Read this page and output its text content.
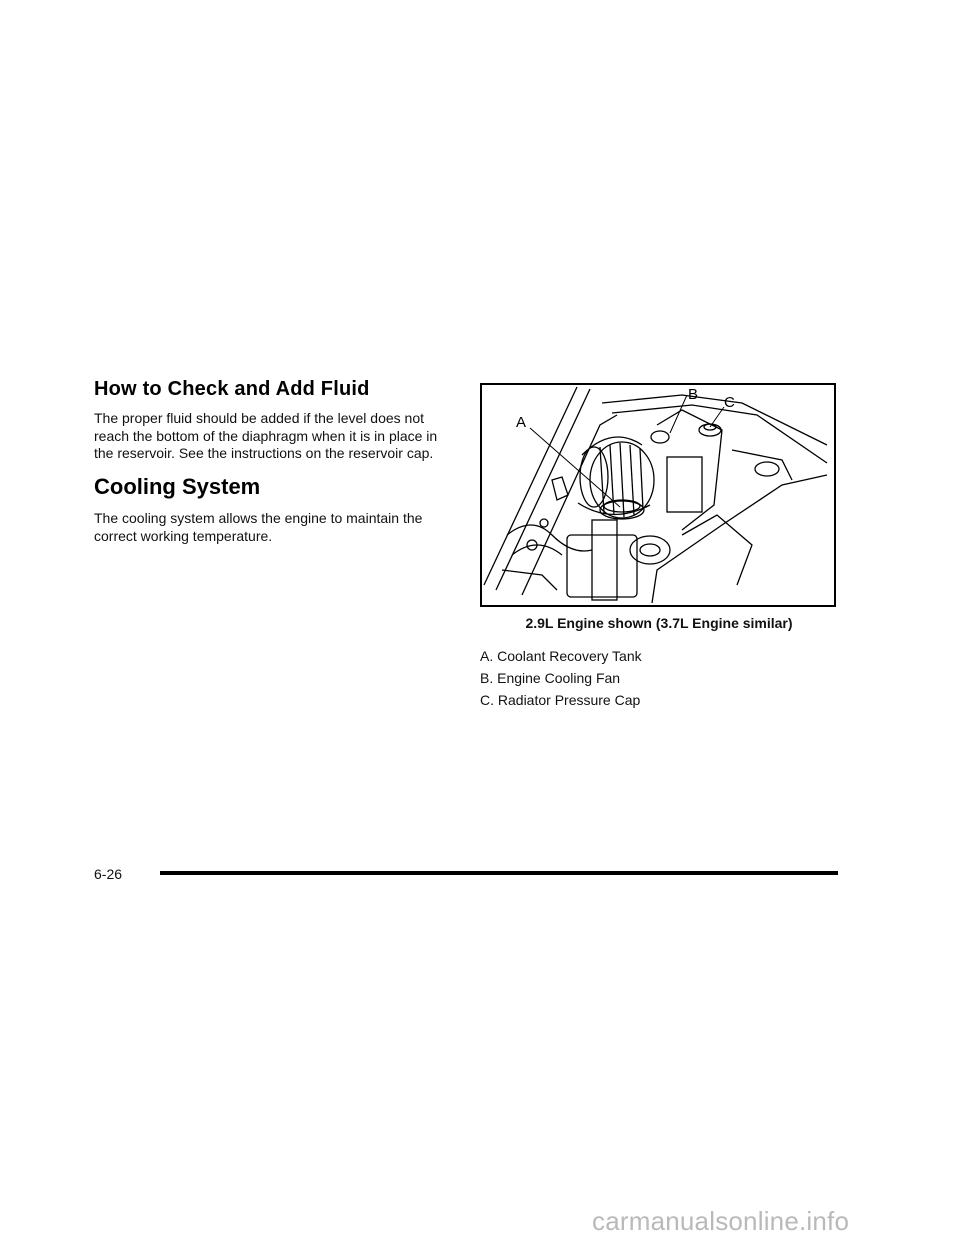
How to Check and Add Fluid

The proper fluid should be added if the level does not reach the bottom of the diaphragm when it is in place in the reservoir. See the instructions on the reservoir cap.

Cooling System

The cooling system allows the engine to maintain the correct working temperature.

A
B C

2.9L Engine shown (3.7L Engine similar)

A. Coolant Recovery Tank

B. Engine Cooling Fan

C. Radiator Pressure Cap

6-26

carmanualsonline.info
